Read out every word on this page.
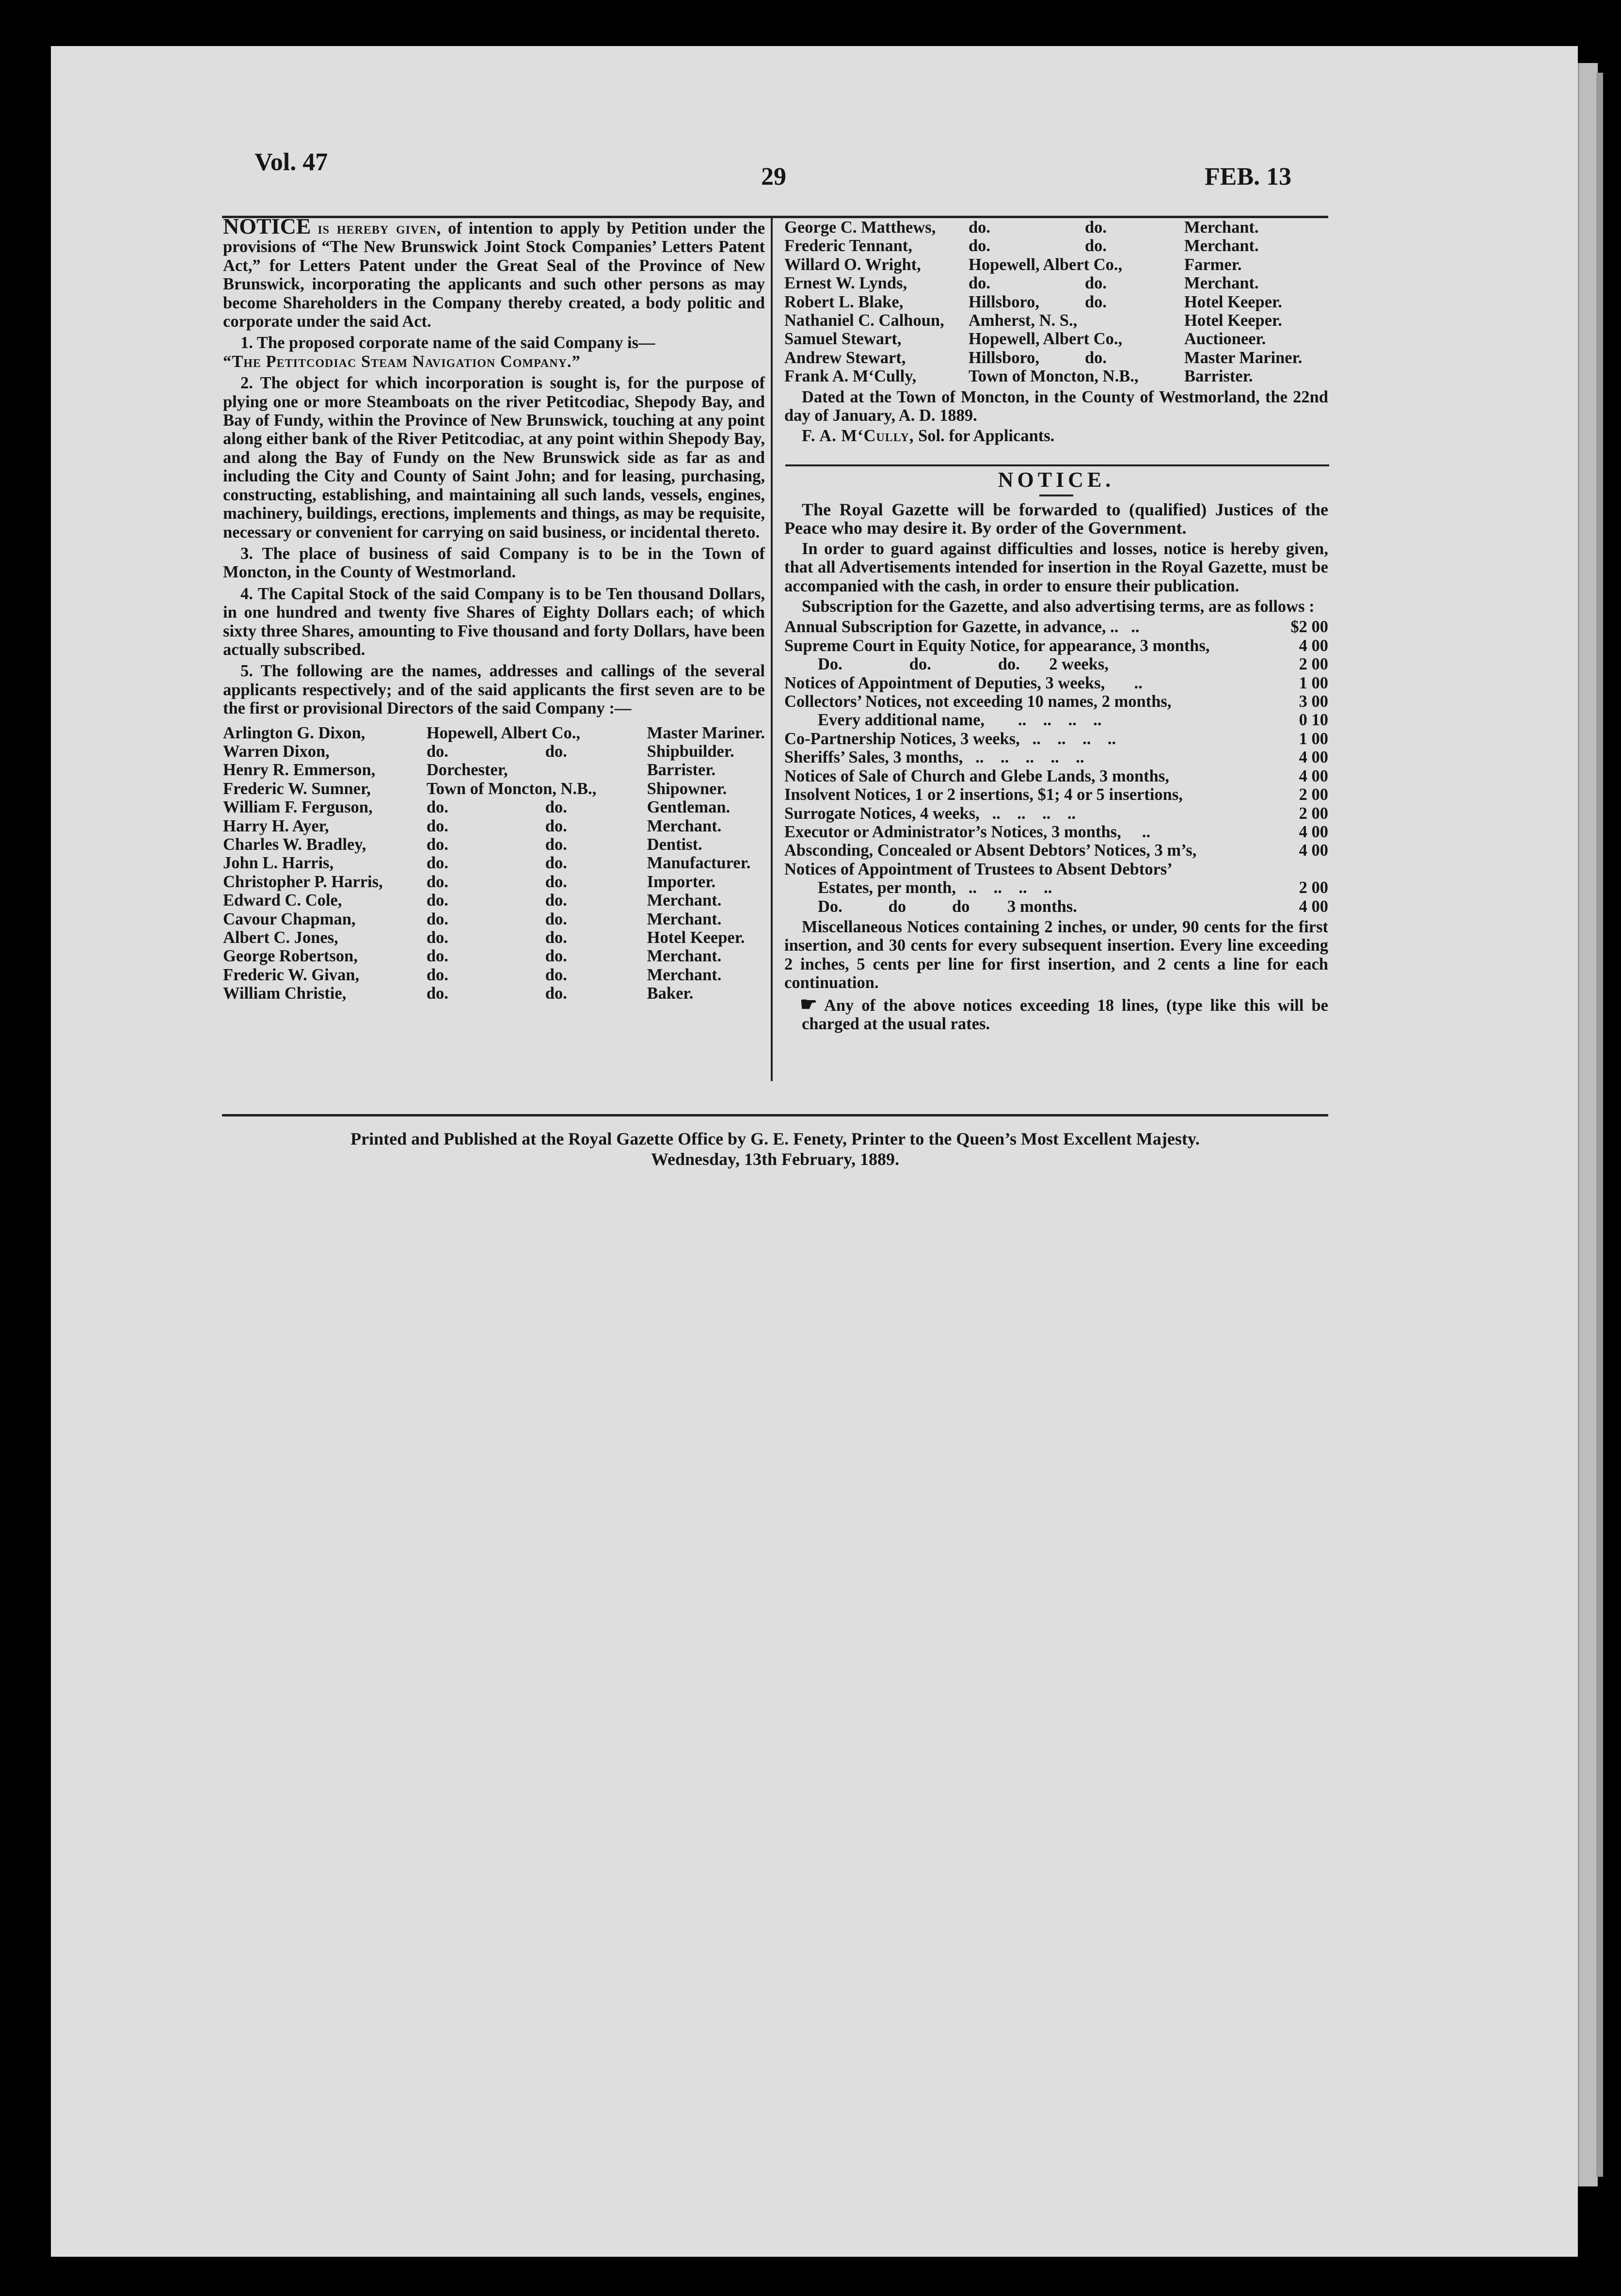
Vol. 47
29	FEB. 13

NOTICE is hereby given, of intention to apply by Petition under the provisions of “The New Brunswick Joint Stock Companies’ Letters Patent Act,” for Letters Patent under the Great Seal of the Province of New Brunswick, incorporating the applicants and such other persons as may become Shareholders in the Company thereby created, a body politic and corporate under the said Act.

1. The proposed corporate name of the said Company is—

“The Petitcodiac Steam Navigation Company.”

2. The object for which incorporation is sought is, for the purpose of plying one or more Steamboats on the river Petitcodiac, Shepody Bay, and Bay of Fundy, within the Province of New Brunswick, touching at any point along either bank of the River Petitcodiac, at any point within Shepody Bay, and along the Bay of Fundy on the New Brunswick side as far as and including the City and County of Saint John; and for leasing, purchasing, constructing, establishing, and maintaining all such lands, vessels, engines, machinery, buildings, erections, implements and things, as may be requisite, necessary or convenient for carrying on said business, or incidental thereto.

3. The place of business of said Company is to be in the Town of Moncton, in the County of Westmorland.

4. The Capital Stock of the said Company is to be Ten thousand Dollars, in one hundred and twenty five Shares of Eighty Dollars each; of which sixty three Shares, amounting to Five thousand and forty Dollars, have been actually subscribed.

5. The following are the names, addresses and callings of the several applicants respectively; and of the said applicants the first seven are to be the first or provisional Directors of the said Company :—

Arlington G. Dixon,	Hopewell, Albert Co.,		Master Mariner.
Warren Dixon,	do.	do.	Shipbuilder.
Henry R. Emmerson,	Dorchester,		Barrister.
Frederic W. Sumner,	Town of Moncton, N.B.,		Shipowner.
William F. Ferguson,	do.	do.	Gentleman.
Harry H. Ayer,	do.	do.	Merchant.
Charles W. Bradley,	do.	do.	Dentist.
John L. Harris,	do.	do.	Manufacturer.
Christopher P. Harris,	do.	do.	Importer.
Edward C. Cole,	do.	do.	Merchant.
Cavour Chapman,	do.	do.	Merchant.
Albert C. Jones,	do.	do.	Hotel Keeper.
George Robertson,	do.	do.	Merchant.
Frederic W. Givan,	do.	do.	Merchant.
William Christie,	do.	do.	Baker.
George C. Matthews,	do.	do.	Merchant.
Frederic Tennant,	do.	do.	Merchant.
Willard O. Wright,	Hopewell, Albert Co.,		Farmer.
Ernest W. Lynds,	do.	do.	Merchant.
Robert L. Blake,	Hillsboro,	do.	Hotel Keeper.
Nathaniel C. Calhoun,	Amherst, N. S.,		Hotel Keeper.
Samuel Stewart,	Hopewell, Albert Co.,		Auctioneer.
Andrew Stewart,	Hillsboro,	do.	Master Mariner.
Frank A. M‘Cully,	Town of Moncton, N.B.,		Barrister.

Dated at the Town of Moncton, in the County of Westmorland, the 22nd day of January, A. D. 1889.

F. A. M‘Cully, Sol. for Applicants.

NOTICE.

The Royal Gazette will be forwarded to (qualified) Justices of the Peace who may desire it. By order of the Government.

In order to guard against difficulties and losses, notice is hereby given, that all Advertisements intended for insertion in the Royal Gazette, must be accompanied with the cash, in order to ensure their publication.

Subscription for the Gazette, and also advertising terms, are as follows :

Annual Subscription for Gazette, in advance, ..   ..	$2 00
Supreme Court in Equity Notice, for appearance, 3 months,	4 00
Do.                do.                do.       2 weeks,	2 00
Notices of Appointment of Deputies, 3 weeks,       ..	1 00
Collectors’ Notices, not exceeding 10 names, 2 months,	3 00
Every additional name,        ..    ..    ..    ..	0 10
Co-Partnership Notices, 3 weeks,   ..    ..    ..    ..	1 00
Sheriffs’ Sales, 3 months,   ..    ..    ..    ..    ..	4 00
Notices of Sale of Church and Glebe Lands, 3 months,	4 00
Insolvent Notices, 1 or 2 insertions, $1; 4 or 5 insertions,	2 00
Surrogate Notices, 4 weeks,   ..    ..    ..    ..	2 00
Executor or Administrator’s Notices, 3 months,     ..	4 00
Absconding, Concealed or Absent Debtors’ Notices, 3 m’s,	4 00
Notices of Appointment of Trustees to Absent Debtors’	
Estates, per month,   ..    ..    ..    ..	2 00
Do.           do           do         3 months.	4 00

Miscellaneous Notices containing 2 inches, or under, 90 cents for the first insertion, and 30 cents for every subsequent insertion. Every line exceeding 2 inches, 5 cents per line for first insertion, and 2 cents a line for each continuation.

☛ Any of the above notices exceeding 18 lines, (type like this will be charged at the usual rates.

Printed and Published at the Royal Gazette Office by G. E. Fenety, Printer to the Queen’s Most Excellent Majesty.
Wednesday, 13th February, 1889.
